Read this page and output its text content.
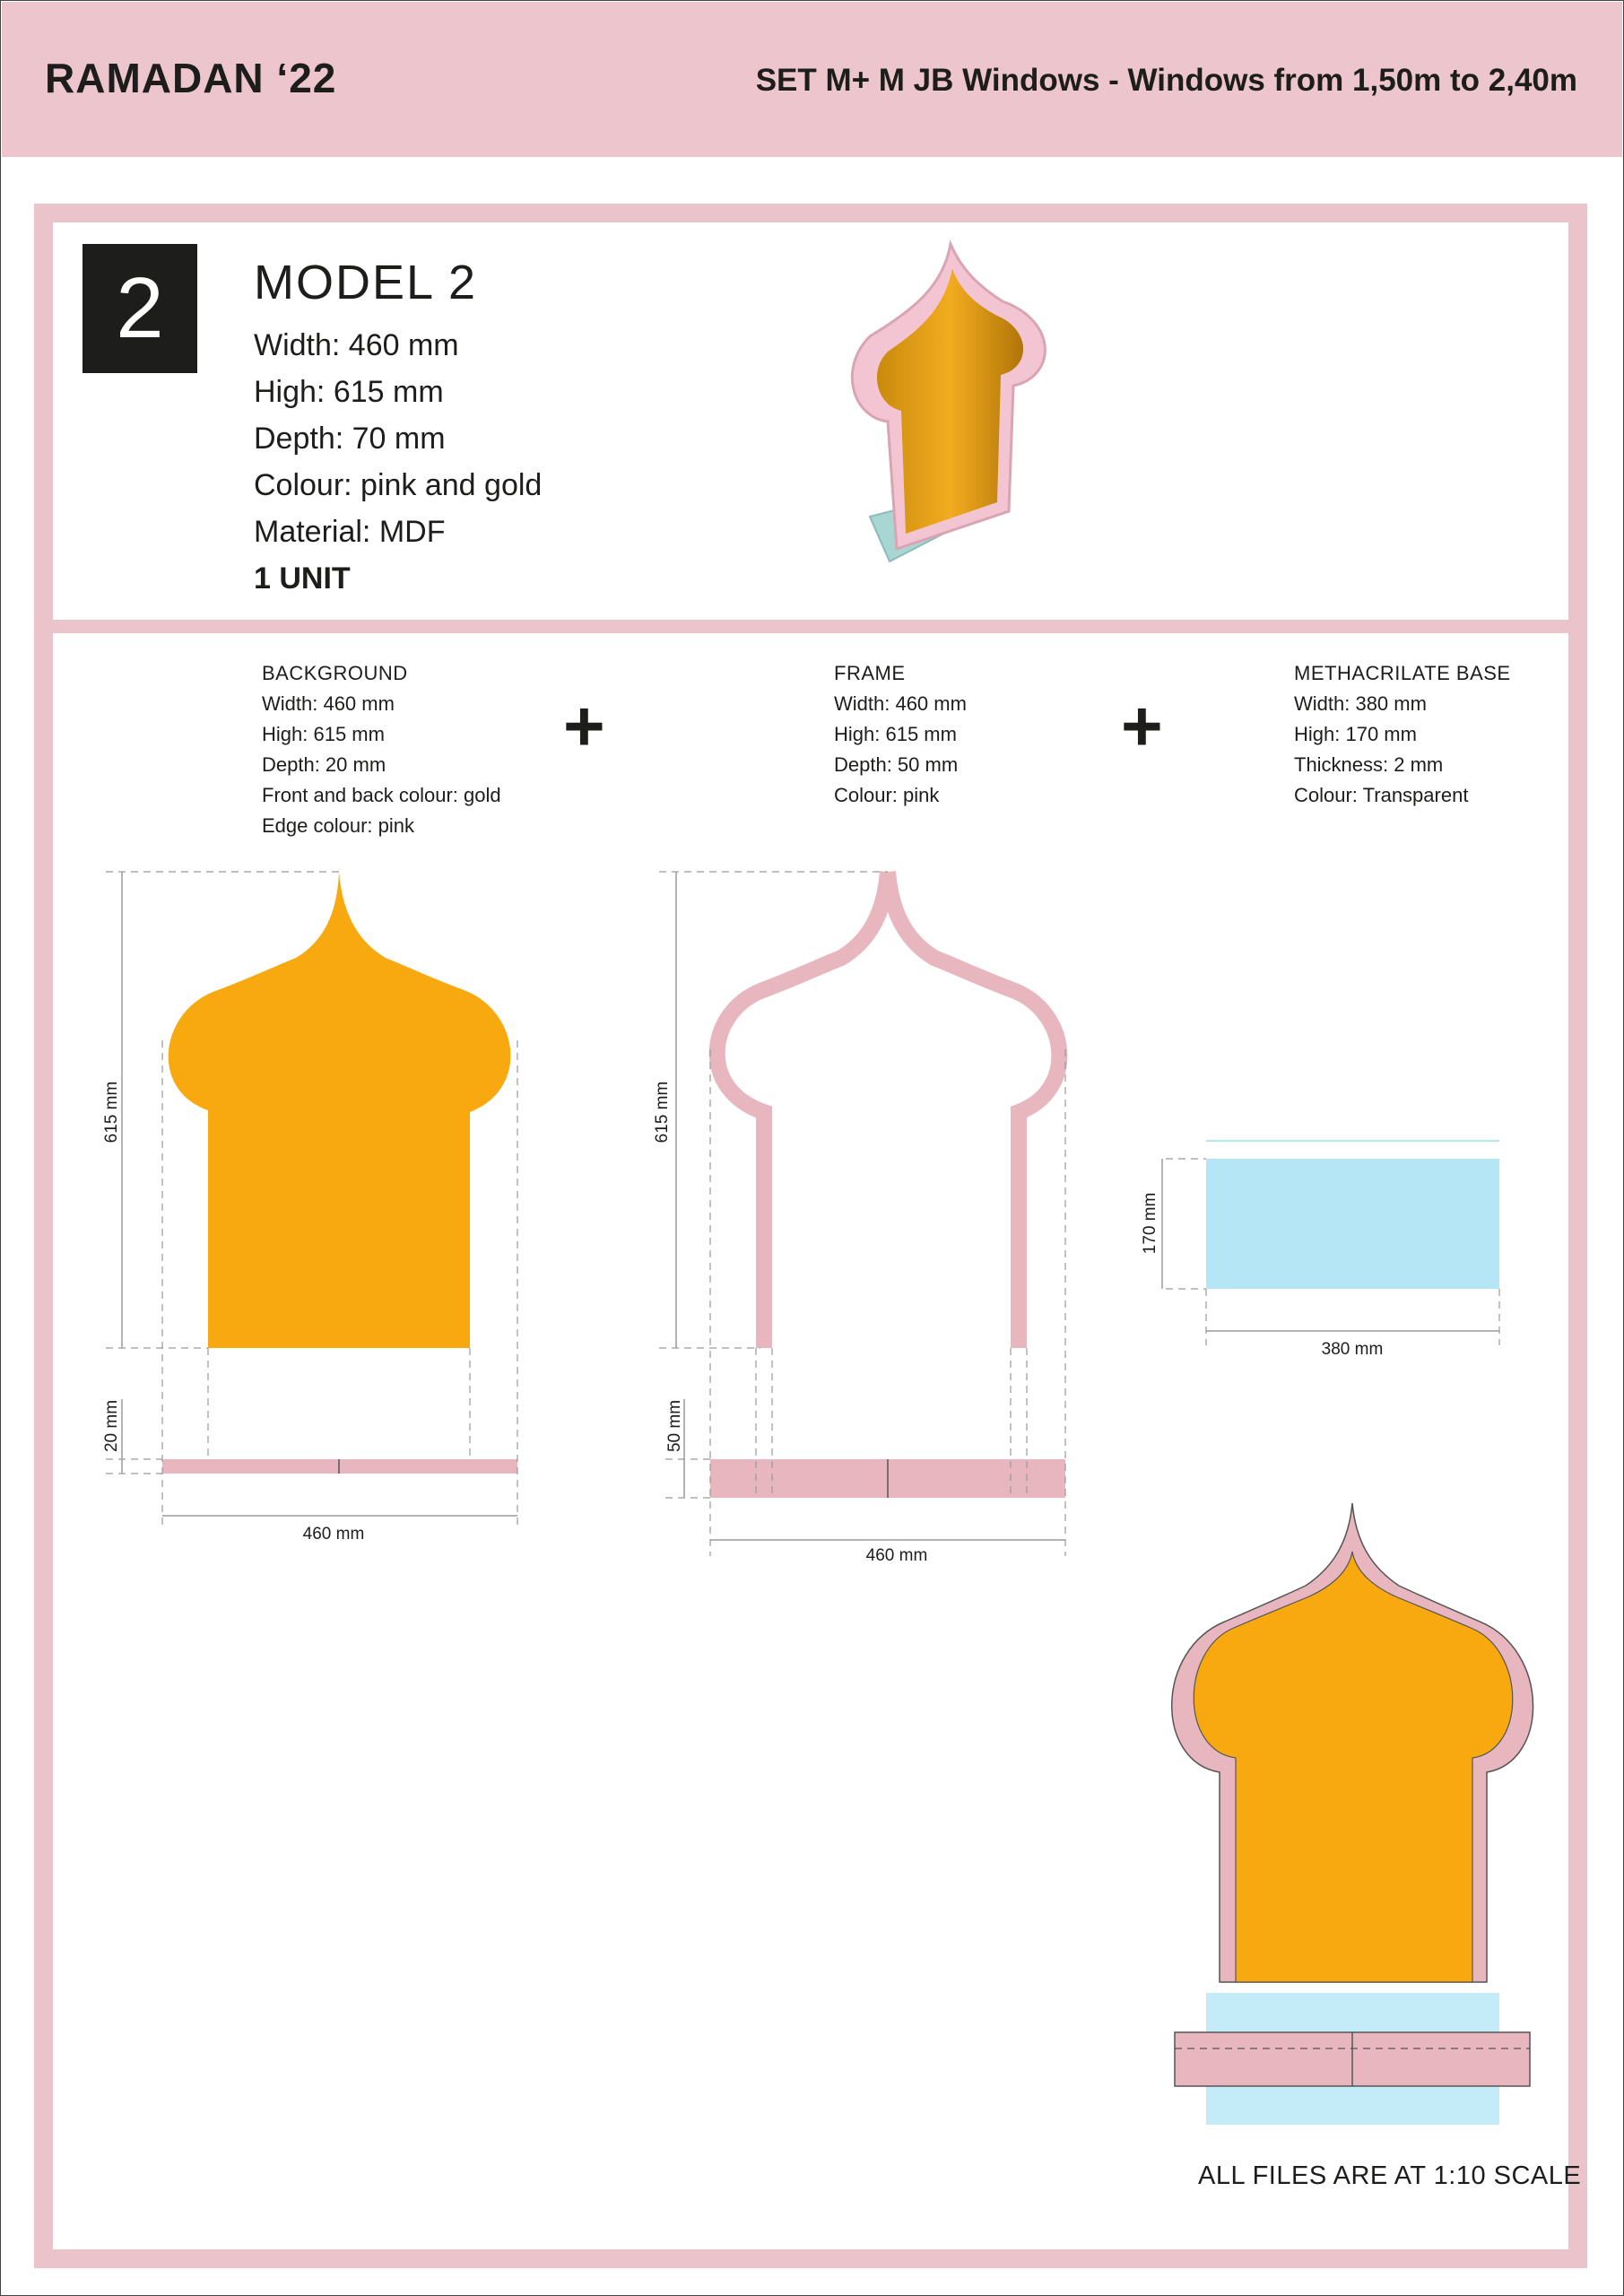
RAMADAN ‘22	SET M+ M JB Windows - Windows from 1,50m to 2,40m
2	MODEL 2
Width: 460 mm
High: 615 mm
Depth: 70 mm
Colour: pink and gold
Material: MDF
1 UNIT
BACKGROUND
Width: 460 mm
High: 615 mm
Depth: 20 mm
Front and back colour: gold
Edge colour: pink
+
FRAME
Width: 460 mm
High: 615 mm
Depth: 50 mm
Colour: pink
+
METHACRILATE BASE
Width: 380 mm
High: 170 mm
Thickness: 2 mm
Colour: Transparent
615 mm
20 mm
460 mm
615 mm
50 mm
460 mm
170 mm
380 mm
ALL FILES ARE AT 1:10 SCALE
